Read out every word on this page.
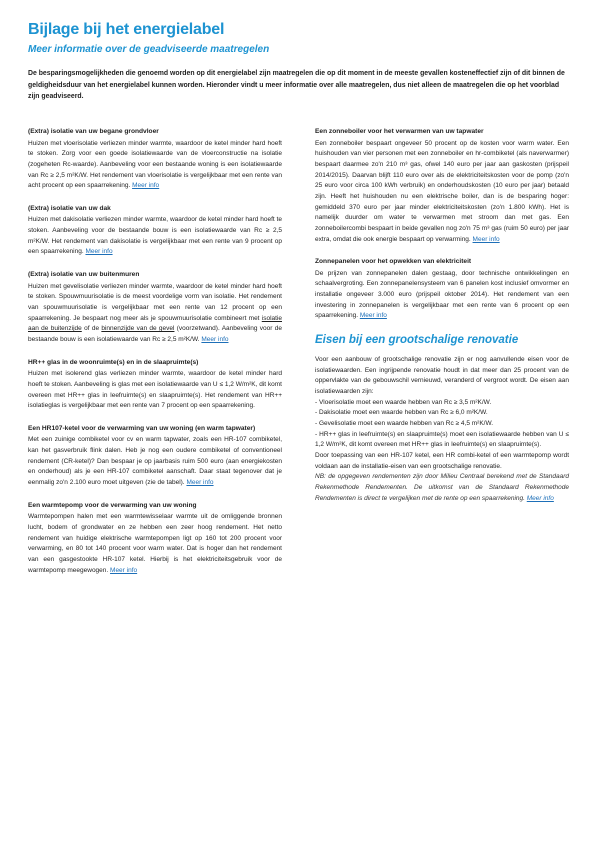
Bijlage bij het energielabel
Meer informatie over de geadviseerde maatregelen

De besparingsmogelijkheden die genoemd worden op dit energielabel zijn maatregelen die op dit moment in de meeste gevallen kosteneffectief zijn of dit binnen de geldigheidsduur van het energielabel kunnen worden. Hieronder vindt u meer informatie over alle maatregelen, dus niet alleen de maatregelen die op het voorblad zijn geadviseerd.

(Extra) isolatie van uw begane grondvloer

Huizen met vloerisolatie verliezen minder warmte, waardoor de ketel minder hard hoeft te stoken. Zorg voor een goede isolatiewaarde van de vloerconstructie na isolatie (zogeheten Rc-waarde). Aanbeveling voor een bestaande woning is een isolatiewaarde van Rc ≥ 2,5 m²K/W. Het rendement van vloerisolatie is vergelijkbaar met een rente van acht procent op een spaarrekening. Meer info

(Extra) isolatie van uw dak

Huizen met dakisolatie verliezen minder warmte, waardoor de ketel minder hard hoeft te stoken. Aanbeveling voor de bestaande bouw is een isolatiewaarde van Rc ≥ 2,5 m²K/W. Het rendement van dakisolatie is vergelijkbaar met een rente van 9 procent op een spaarrekening. Meer info

(Extra) isolatie van uw buitenmuren

Huizen met gevelisolatie verliezen minder warmte, waardoor de ketel minder hard hoeft te stoken. Spouwmuurisolatie is de meest voordelige vorm van isolatie. Het rendement van spouwmuurisolatie is vergelijkbaar met een rente van 12 procent op een spaarrekening. Je bespaart nog meer als je spouwmuurisolatie combineert met isolatie aan de buitenzijde of de binnenzijde van de gevel (voorzetwand). Aanbeveling voor de bestaande bouw is een isolatiewaarde van Rc ≥ 2,5 m²K/W. Meer info

HR++ glas in de woonruimte(s) en in de slaapruimte(s)

Huizen met isolerend glas verliezen minder warmte, waardoor de ketel minder hard hoeft te stoken. Aanbeveling is glas met een isolatiewaarde van U ≤ 1,2 W/m²K, dit komt overeen met HR++ glas in leefruimte(s) en slaapruimte(s). Het rendement van HR++ isolatieglas is vergelijkbaar met een rente van 7 procent op een spaarrekening.

Een HR107-ketel voor de verwarming van uw woning (en warm tapwater)

Met een zuinige combiketel voor cv en warm tapwater, zoals een HR-107 combiketel, kan het gasverbruik flink dalen. Heb je nog een oudere combiketel of conventioneel rendement (CR-ketel)? Dan bespaar je op jaarbasis ruim 500 euro (aan energiekosten en onderhoud) als je een HR-107 combiketel aanschaft. Daar staat tegenover dat je eenmalig zo'n 2.100 euro moet uitgeven (zie de tabel). Meer info

Een warmtepomp voor de verwarming van uw woning

Warmtepompen halen met een warmtewisselaar warmte uit de omliggende bronnen lucht, bodem of grondwater en ze hebben een zeer hoog rendement. Het netto rendement van huidige elektrische warmtepompen ligt op 160 tot 200 procent voor verwarming, en 80 tot 140 procent voor warm water. Dat is hoger dan het rendement van een gasgestookte HR-107 ketel. Hierbij is het elektriciteitsgebruik voor de warmtepomp meegewogen. Meer info

Een zonneboiler voor het verwarmen van uw tapwater

Een zonneboiler bespaart ongeveer 50 procent op de kosten voor warm water. Een huishouden van vier personen met een zonneboiler en hr-combiketel (als naverwarmer) bespaart daarmee zo'n 210 m³ gas, ofwel 140 euro per jaar aan gaskosten (prijspeil 2014/2015). Daarvan blijft 110 euro over als de elektriciteitskosten voor de pomp (zo'n 25 euro voor circa 100 kWh verbruik) en onderhoudskosten (10 euro per jaar) betaald zijn. Heeft het huishouden nu een elektrische boiler, dan is de besparing hoger: gemiddeld 370 euro per jaar minder elektriciteitskosten (zo'n 1.800 kWh). Het is namelijk duurder om water te verwarmen met stroom dan met gas. Een zonneboilercombi bespaart in beide gevallen nog zo'n 75 m³ gas (ruim 50 euro) per jaar extra, omdat die ook energie bespaart op verwarming. Meer info

Zonnepanelen voor het opwekken van elektriciteit

De prijzen van zonnepanelen dalen gestaag, door technische ontwikkelingen en schaalvergroting. Een zonnepanelensysteem van 6 panelen kost inclusief omvormer en installatie ongeveer 3.000 euro (prijspeil oktober 2014). Het rendement van een investering in zonnepanelen is vergelijkbaar met een rente van 6 procent op een spaarrekening. Meer info

Eisen bij een grootschalige renovatie

Voor een aanbouw of grootschalige renovatie zijn er nog aanvullende eisen voor de isolatiewaarden. Een ingrijpende renovatie houdt in dat meer dan 25 procent van de oppervlakte van de gebouwschil vernieuwd, veranderd of vergroot wordt. De eisen aan isolatiewaarden zijn:

- Vloerisolatie moet een waarde hebben van Rc ≥ 3,5 m²K/W.

- Dakisolatie moet een waarde hebben van Rc ≥ 6,0 m²K/W.

- Gevelisolatie moet een waarde hebben van Rc ≥ 4,5 m²K/W.

- HR++ glas in leefruimte(s) en slaapruimte(s) moet een isolatiewaarde hebben van U ≤ 1,2 W/m²K, dit komt overeen met HR++ glas in leefruimte(s) en slaapruimte(s).

Door toepassing van een HR-107 ketel, een HR combi-ketel of een warmtepomp wordt voldaan aan de installatie-eisen van een grootschalige renovatie.

NB: de opgegeven rendementen zijn door Milieu Centraal berekend met de Standaard Rekenmethode Rendementen. De uitkomst van de Standaard Rekenmethode Rendementen is direct te vergelijken met de rente op een spaarrekening. Meer info
